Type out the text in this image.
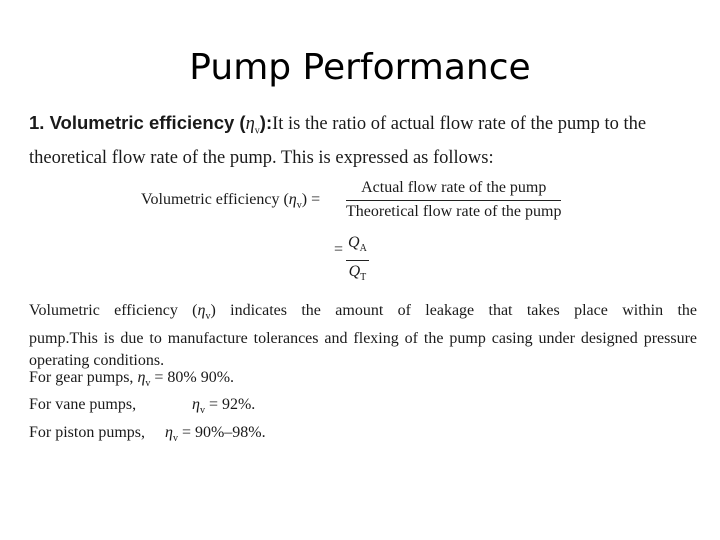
Pump Performance
1. Volumetric efficiency $(\eta_v):It$ is the ratio of actual flow rate of the pump to the
theoretical flow rate of the pump. This is expressed as follows:
Volumetric efficiency $(\eta_v)$ =
Actual flow rate of the pump
Theoretical flow rate of the pump
= $\frac{Q_A}{Q_T}$
Volumetric efficiency $(\eta_v)$ indicates the amount of leakage that takes place within the pump.This is due to manufacture tolerances and flexing of the pump casing under designed pressure operating conditions.
For gear pumps, $\eta_v = 80\%$ 90%.
For vane pumps,	$\eta_v = 92\%$.
For piston pumps, $\eta_v = 90\%-98\%$.
